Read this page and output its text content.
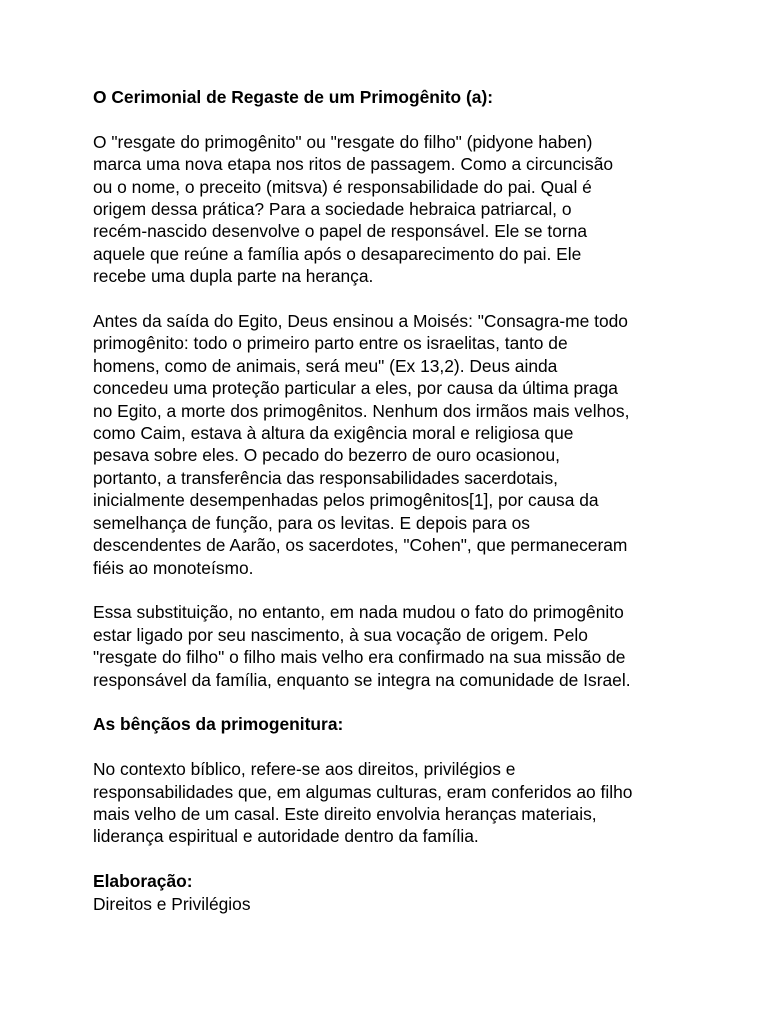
O Cerimonial de Regaste de um Primogênito (a):
O "resgate do primogênito" ou "resgate do filho" (pidyone haben)
marca uma nova etapa nos ritos de passagem. Como a circuncisão
ou o nome, o preceito (mitsva) é responsabilidade do pai. Qual é
origem dessa prática? Para a sociedade hebraica patriarcal, o
recém-nascido desenvolve o papel de responsável. Ele se torna
aquele que reúne a família após o desaparecimento do pai. Ele
recebe uma dupla parte na herança.
Antes da saída do Egito, Deus ensinou a Moisés: "Consagra-me todo
primogênito: todo o primeiro parto entre os israelitas, tanto de
homens, como de animais, será meu" (Ex 13,2). Deus ainda
concedeu uma proteção particular a eles, por causa da última praga
no Egito, a morte dos primogênitos. Nenhum dos irmãos mais velhos,
como Caim, estava à altura da exigência moral e religiosa que
pesava sobre eles. O pecado do bezerro de ouro ocasionou,
portanto, a transferência das responsabilidades sacerdotais,
inicialmente desempenhadas pelos primogênitos[1], por causa da
semelhança de função, para os levitas. E depois para os
descendentes de Aarão, os sacerdotes, "Cohen", que permaneceram
fiéis ao monoteísmo.
Essa substituição, no entanto, em nada mudou o fato do primogênito
estar ligado por seu nascimento, à sua vocação de origem. Pelo
"resgate do filho" o filho mais velho era confirmado na sua missão de
responsável da família, enquanto se integra na comunidade de Israel.
As bênçãos da primogenitura:
No contexto bíblico, refere-se aos direitos, privilégios e
responsabilidades que, em algumas culturas, eram conferidos ao filho
mais velho de um casal. Este direito envolvia heranças materiais,
liderança espiritual e autoridade dentro da família.
Elaboração:
Direitos e Privilégios
